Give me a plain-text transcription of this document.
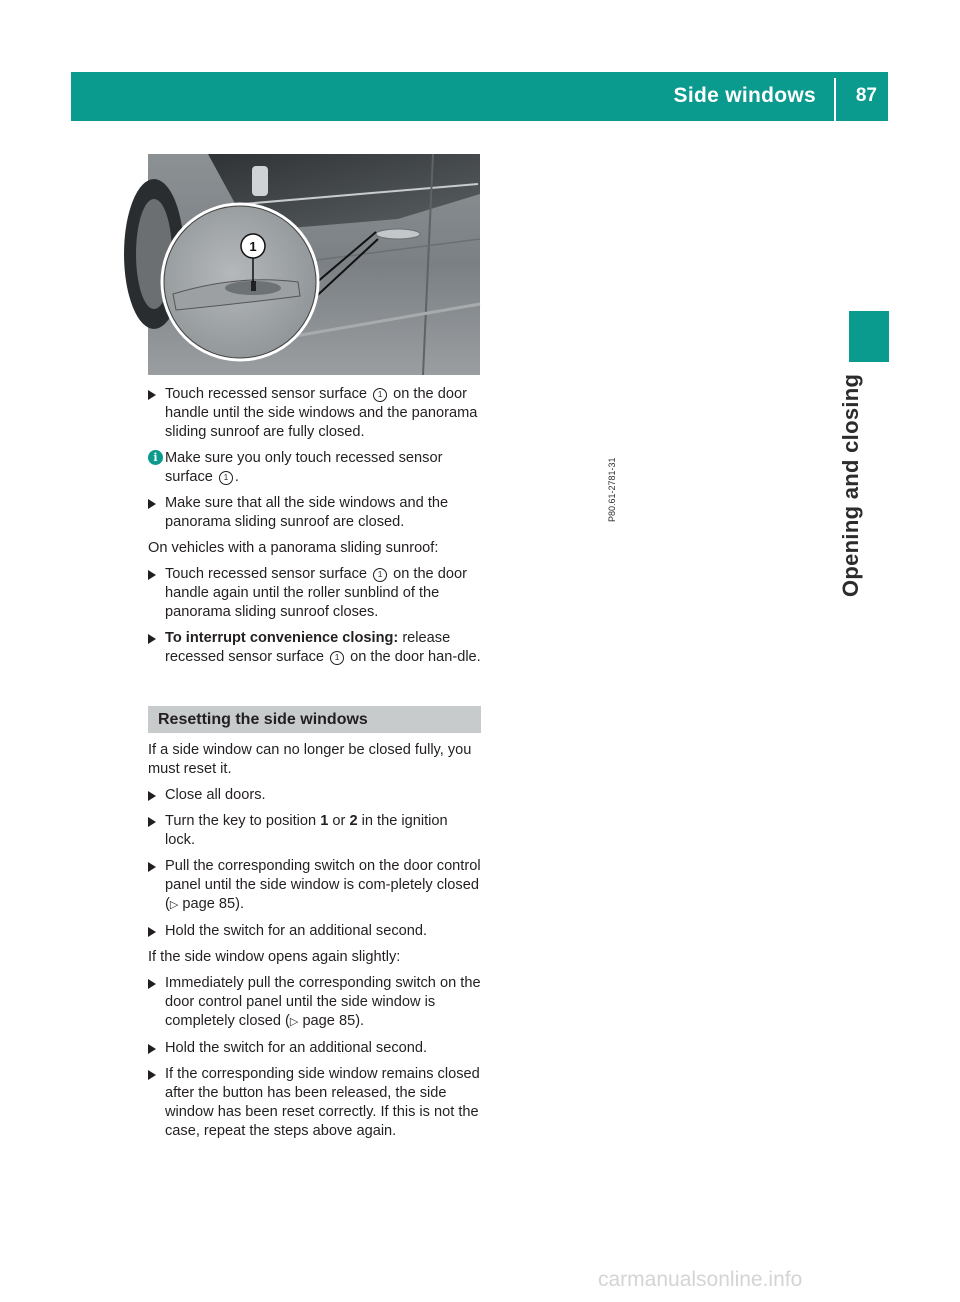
Side windows 87
Opening and closing
1
P80.61-2781-31
Touch recessed sensor surface 1 on the door handle until the side windows and the panorama sliding sunroof are fully closed.
i Make sure you only touch recessed sensor surface 1 .
Make sure that all the side windows and the panorama sliding sunroof are closed.
On vehicles with a panorama sliding sunroof:
Touch recessed sensor surface 1 on the door handle again until the roller sunblind of the panorama sliding sunroof closes.
To interrupt convenience closing: release recessed sensor surface 1 on the door han-dle.
Resetting the side windows
If a side window can no longer be closed fully, you must reset it.
Close all doors.
Turn the key to position 1 or 2 in the ignition lock.
Pull the corresponding switch on the door control panel until the side window is com-pletely closed (▷ page 85).
Hold the switch for an additional second.
If the side window opens again slightly:
Immediately pull the corresponding switch on the door control panel until the side window is completely closed (▷ page 85).
Hold the switch for an additional second.
If the corresponding side window remains closed after the button has been released, the side window has been reset correctly. If this is not the case, repeat the steps above again.
carmanualsonline.info
